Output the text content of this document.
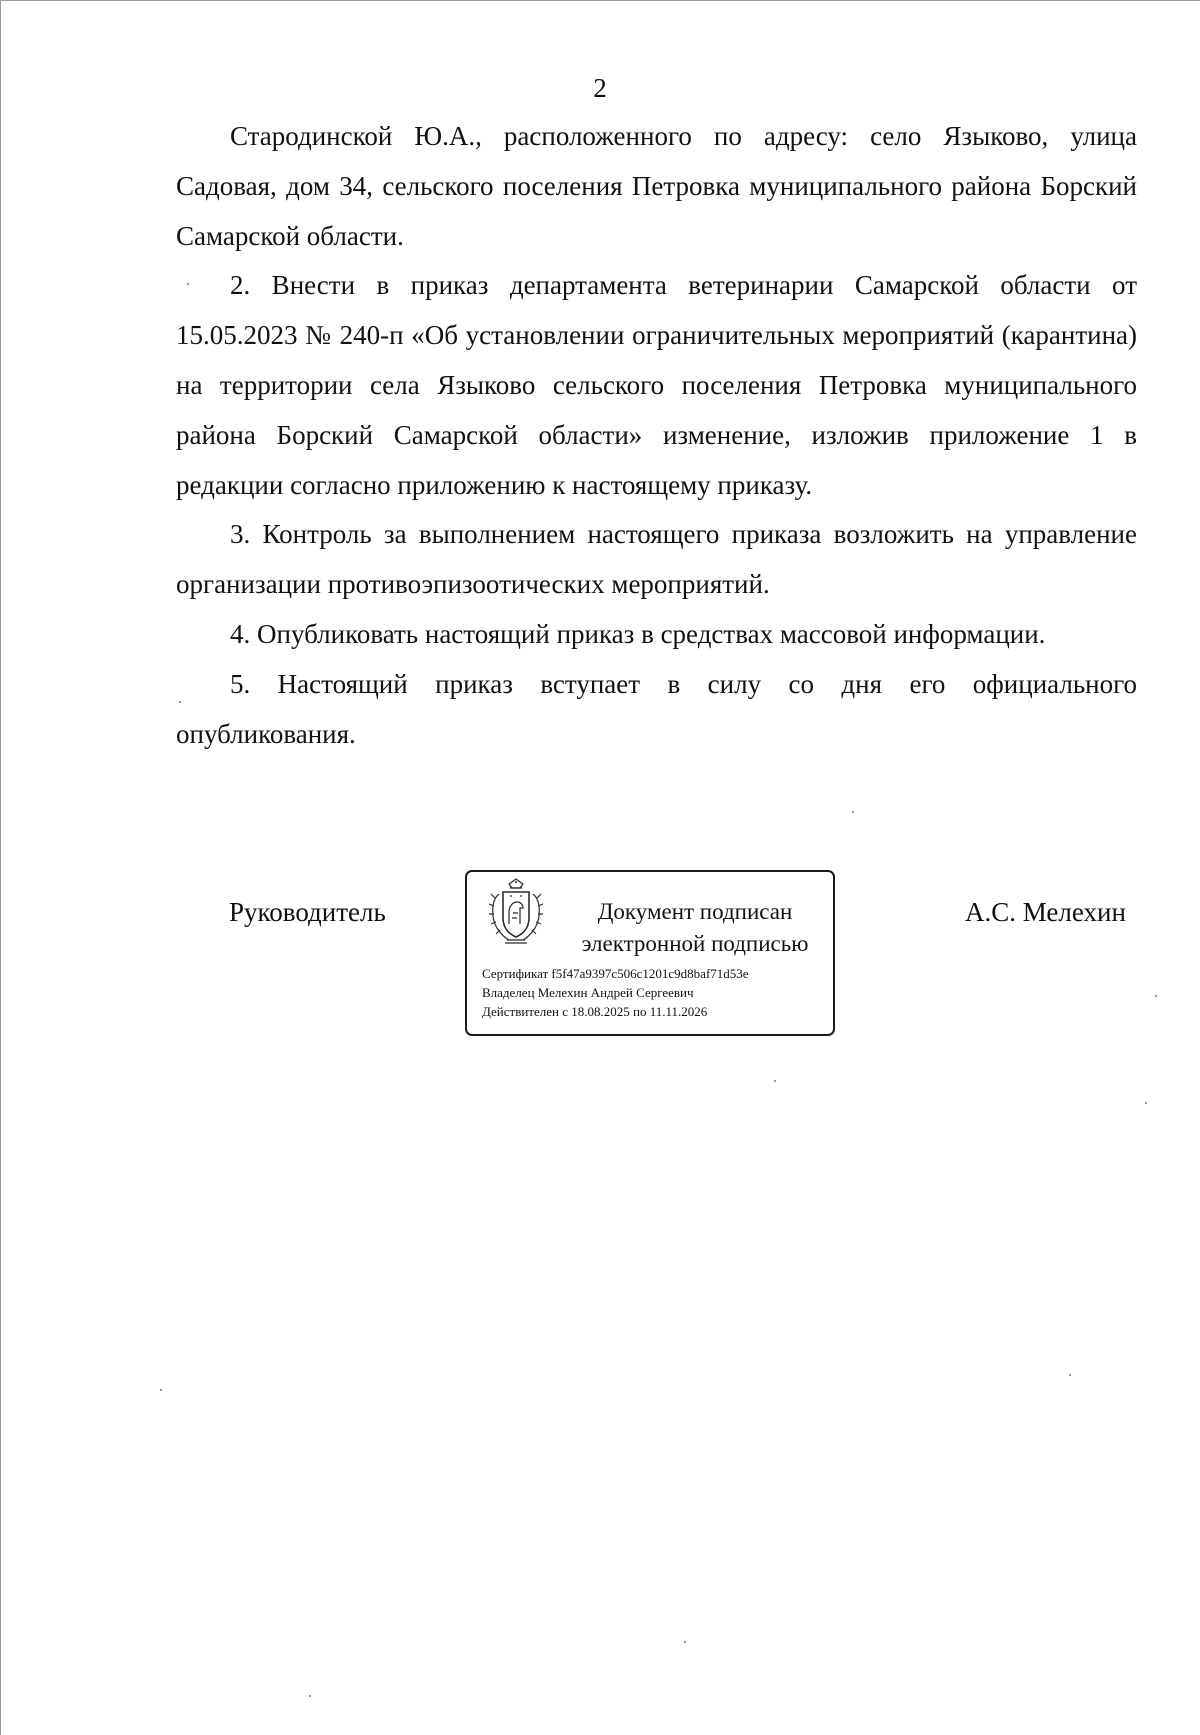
2

Стародинской Ю.А., расположенного по адресу: село Языково, улица Садовая, дом 34, сельского поселения Петровка муниципального района Борский Самарской области.

2. Внести в приказ департамента ветеринарии Самарской области от 15.05.2023 № 240-п «Об установлении ограничительных мероприятий (карантина) на территории села Языково сельского поселения Петровка муниципального района Борский Самарской области» изменение, изложив приложение 1 в редакции согласно приложению к настоящему приказу.

3. Контроль за выполнением настоящего приказа возложить на управление организации противоэпизоотических мероприятий.

4. Опубликовать настоящий приказ в средствах массовой информации.

5. Настоящий приказ вступает в силу со дня его официального опубликования.

Руководитель	Документ подписан
электронной подписью
Сертификат f5f47a9397c506c1201c9d8baf71d53e
Владелец Мелехин Андрей Сергеевич
Действителен с 18.08.2025 по 11.11.2026
А.С. Мелехин
